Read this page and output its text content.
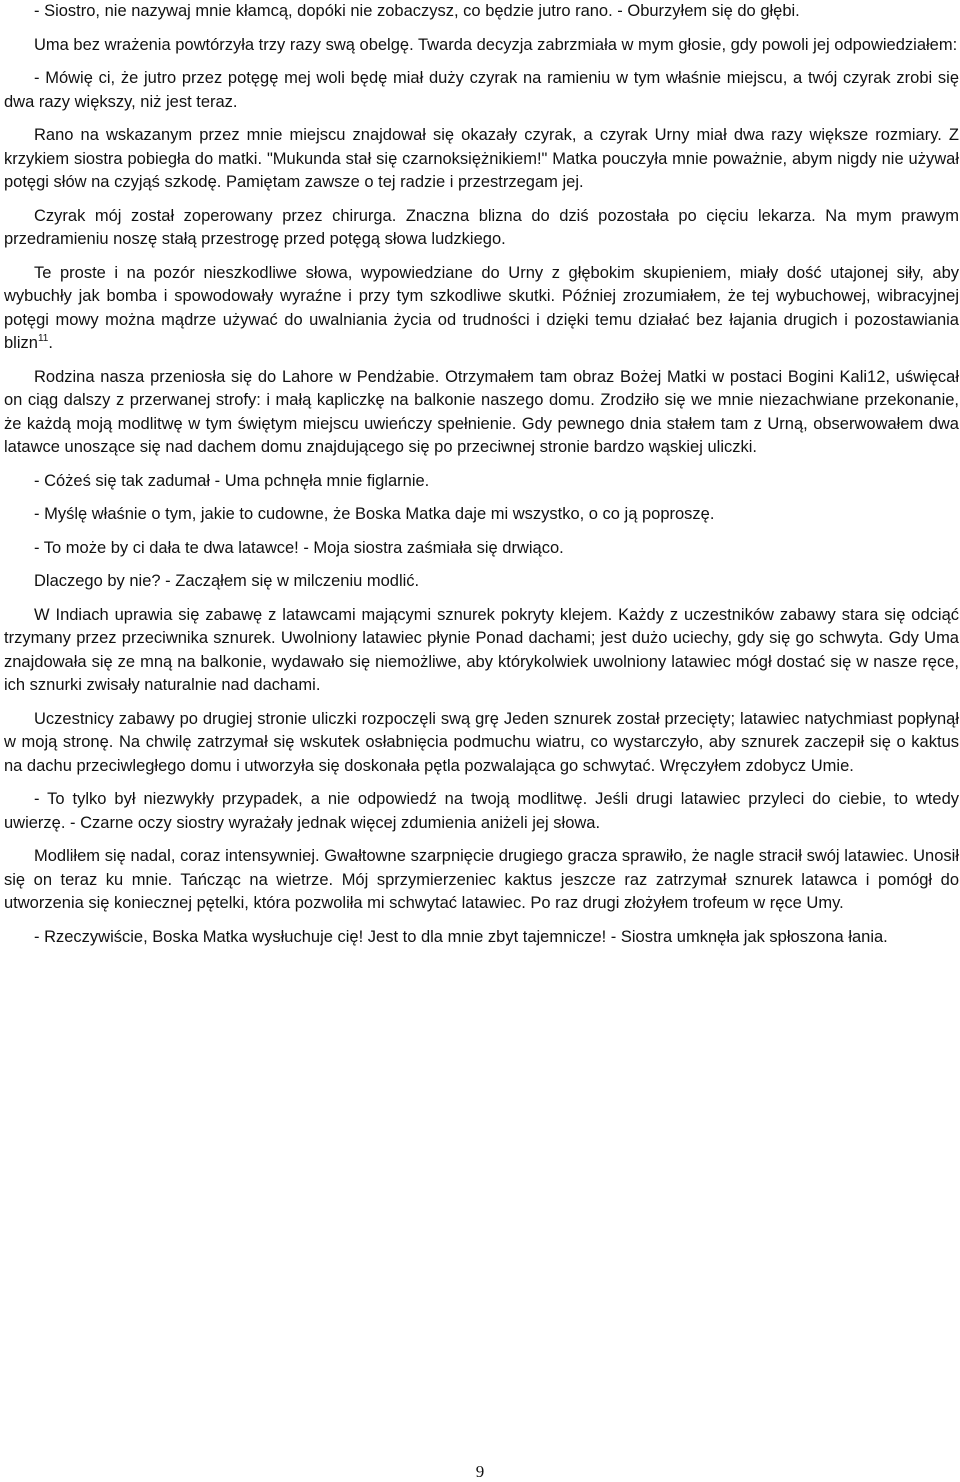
- Siostro, nie nazywaj mnie kłamcą, dopóki nie zobaczysz, co będzie jutro rano. - Oburzyłem się do głębi.

Uma bez wrażenia powtórzyła trzy razy swą obelgę. Twarda decyzja zabrzmiała w mym głosie, gdy powoli jej odpowiedziałem:

- Mówię ci, że jutro przez potęgę mej woli będę miał duży czyrak na ramieniu w tym właśnie miejscu, a twój czyrak zrobi się dwa razy większy, niż jest teraz.

Rano na wskazanym przez mnie miejscu znajdował się okazały czyrak, a czyrak Urny miał dwa razy większe rozmiary. Z krzykiem siostra pobiegła do matki. "Mukunda stał się czarnoksiężnikiem!" Matka pouczyła mnie poważnie, abym nigdy nie używał potęgi słów na czyjąś szkodę. Pamiętam zawsze o tej radzie i przestrzegam jej.

Czyrak mój został zoperowany przez chirurga. Znaczna blizna do dziś pozostała po cięciu lekarza. Na mym prawym przedramieniu noszę stałą przestrogę przed potęgą słowa ludzkiego.

Te proste i na pozór nieszkodliwe słowa, wypowiedziane do Urny z głębokim skupieniem, miały dość utajonej siły, aby wybuchły jak bomba i spowodowały wyraźne i przy tym szkodliwe skutki. Później zrozumiałem, że tej wybuchowej, wibracyjnej potęgi mowy można mądrze używać do uwalniania życia od trudności i dzięki temu działać bez łajania drugich i pozostawiania blizn$^{11}$.

Rodzina nasza przeniosła się do Lahore w Pendżabie. Otrzymałem tam obraz Bożej Matki w postaci Bogini Kali12, uświęcał on ciąg dalszy z przerwanej strofy: i małą kapliczkę na balkonie naszego domu. Zrodziło się we mnie niezachwiane przekonanie, że każdą moją modlitwę w tym świętym miejscu uwieńczy spełnienie. Gdy pewnego dnia stałem tam z Urną, obserwowałem dwa latawce unoszące się nad dachem domu znajdującego się po przeciwnej stronie bardzo wąskiej uliczki.

- Cóżeś się tak zadumał - Uma pchnęła mnie figlarnie.

- Myślę właśnie o tym, jakie to cudowne, że Boska Matka daje mi wszystko, o co ją poproszę.

- To może by ci dała te dwa latawce! - Moja siostra zaśmiała się drwiąco.

Dlaczego by nie? - Zacząłem się w milczeniu modlić.

W Indiach uprawia się zabawę z latawcami mającymi sznurek pokryty klejem. Każdy z uczestników zabawy stara się odciąć trzymany przez przeciwnika sznurek. Uwolniony latawiec płynie Ponad dachami; jest dużo uciechy, gdy się go schwyta. Gdy Uma znajdowała się ze mną na balkonie, wydawało się niemożliwe, aby którykolwiek uwolniony latawiec mógł dostać się w nasze ręce, ich sznurki zwisały naturalnie nad dachami.

Uczestnicy zabawy po drugiej stronie uliczki rozpoczęli swą grę Jeden sznurek został przecięty; latawiec natychmiast popłynął w moją stronę. Na chwilę zatrzymał się wskutek osłabnięcia podmuchu wiatru, co wystarczyło, aby sznurek zaczepił się o kaktus na dachu przeciwległego domu i utworzyła się doskonała pętla pozwalająca go schwytać. Wręczyłem zdobycz Umie.

- To tylko był niezwykły przypadek, a nie odpowiedź na twoją modlitwę. Jeśli drugi latawiec przyleci do ciebie, to wtedy uwierzę. - Czarne oczy siostry wyrażały jednak więcej zdumienia aniżeli jej słowa.

Modliłem się nadal, coraz intensywniej. Gwałtowne szarpnięcie drugiego gracza sprawiło, że nagle stracił swój latawiec. Unosił się on teraz ku mnie. Tańcząc na wietrze. Mój sprzymierzeniec kaktus jeszcze raz zatrzymał sznurek latawca i pomógł do utworzenia się koniecznej pętelki, która pozwoliła mi schwytać latawiec. Po raz drugi złożyłem trofeum w ręce Umy.

- Rzeczywiście, Boska Matka wysłuchuje cię! Jest to dla mnie zbyt tajemnicze! - Siostra umknęła jak spłoszona łania.

9
